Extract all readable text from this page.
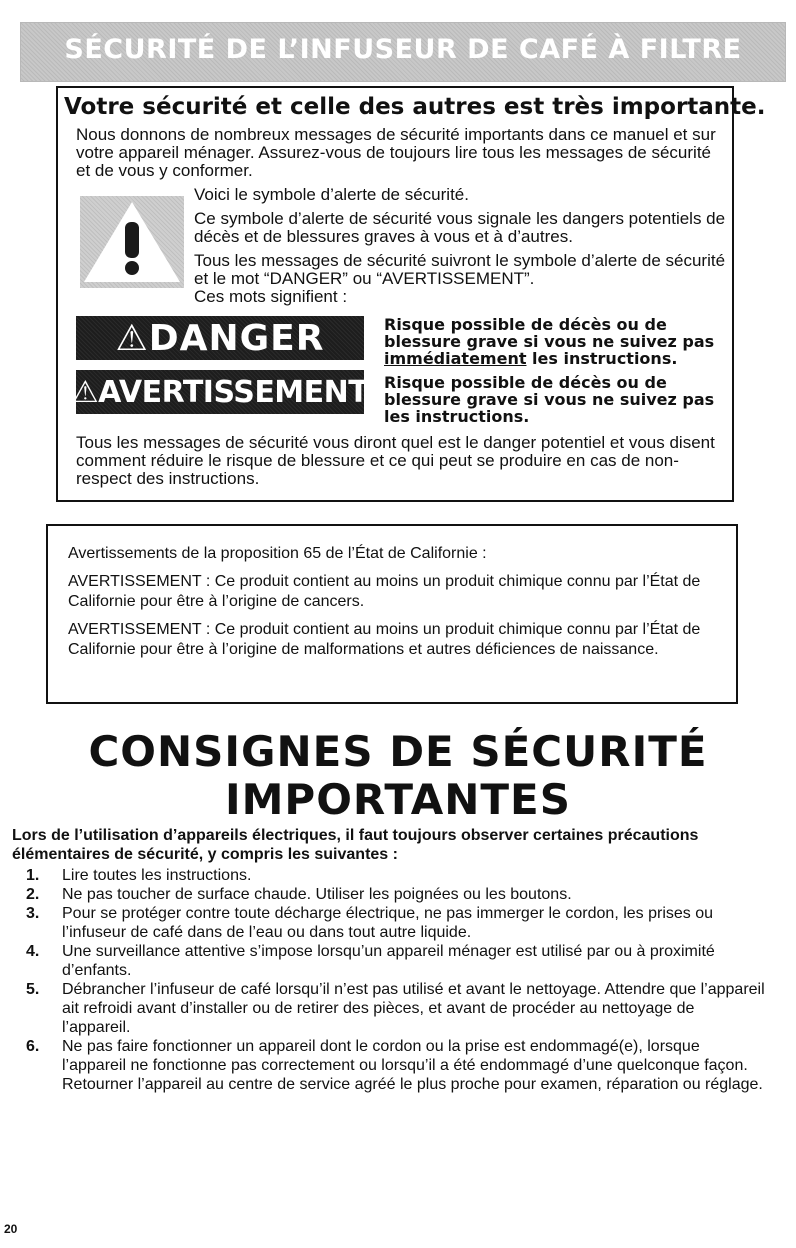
SÉCURITÉ DE L’INFUSEUR DE CAFÉ À FILTRE
Votre sécurité et celle des autres est très importante.
Nous donnons de nombreux messages de sécurité importants dans ce manuel et sur votre appareil ménager. Assurez-vous de toujours lire tous les messages de sécurité et de vous y conformer.

Voici le symbole d’alerte de sécurité.

Ce symbole d’alerte de sécurité vous signale les dangers potentiels de décès et de blessures graves à vous et à d’autres.

Tous les messages de sécurité suivront le symbole d’alerte de sécurité et le mot “DANGER” ou “AVERTISSEMENT”.

Ces mots signifient :

⚠DANGER	Risque possible de décès ou de blessure grave si vous ne suivez pas immédiatement les instructions.
⚠AVERTISSEMENT Risque possible de décès ou de blessure grave si vous ne suivez pas les instructions.
Tous les messages de sécurité vous diront quel est le danger potentiel et vous disent comment réduire le risque de blessure et ce qui peut se produire en cas de non-respect des instructions.

Avertissements de la proposition 65 de l’État de Californie :

AVERTISSEMENT : Ce produit contient au moins un produit chimique connu par l’État de Californie pour être à l’origine de cancers.

AVERTISSEMENT : Ce produit contient au moins un produit chimique connu par l’État de Californie pour être à l’origine de malformations et autres déficiences de naissance.

CONSIGNES DE SÉCURITÉ
IMPORTANTES
Lors de l’utilisation d’appareils électriques, il faut toujours observer certaines précautions élémentaires de sécurité, y compris les suivantes :
1.	Lire toutes les instructions.
2.	Ne pas toucher de surface chaude. Utiliser les poignées ou les boutons.
3.	Pour se protéger contre toute décharge électrique, ne pas immerger le cordon, les prises ou l’infuseur de café dans de l’eau ou dans tout autre liquide.
4.	Une surveillance attentive s’impose lorsqu’un appareil ménager est utilisé par ou à proximité d’enfants.
5.	Débrancher l’infuseur de café lorsqu’il n’est pas utilisé et avant le nettoyage. Attendre que l’appareil ait refroidi avant d’installer ou de retirer des pièces, et avant de procéder au nettoyage de l’appareil.
6.	Ne pas faire fonctionner un appareil dont le cordon ou la prise est endommagé(e), lorsque l’appareil ne fonctionne pas correctement ou lorsqu’il a été endommagé d’une quelconque façon. Retourner l’appareil au centre de service agréé le plus proche pour examen, réparation ou réglage.
20
